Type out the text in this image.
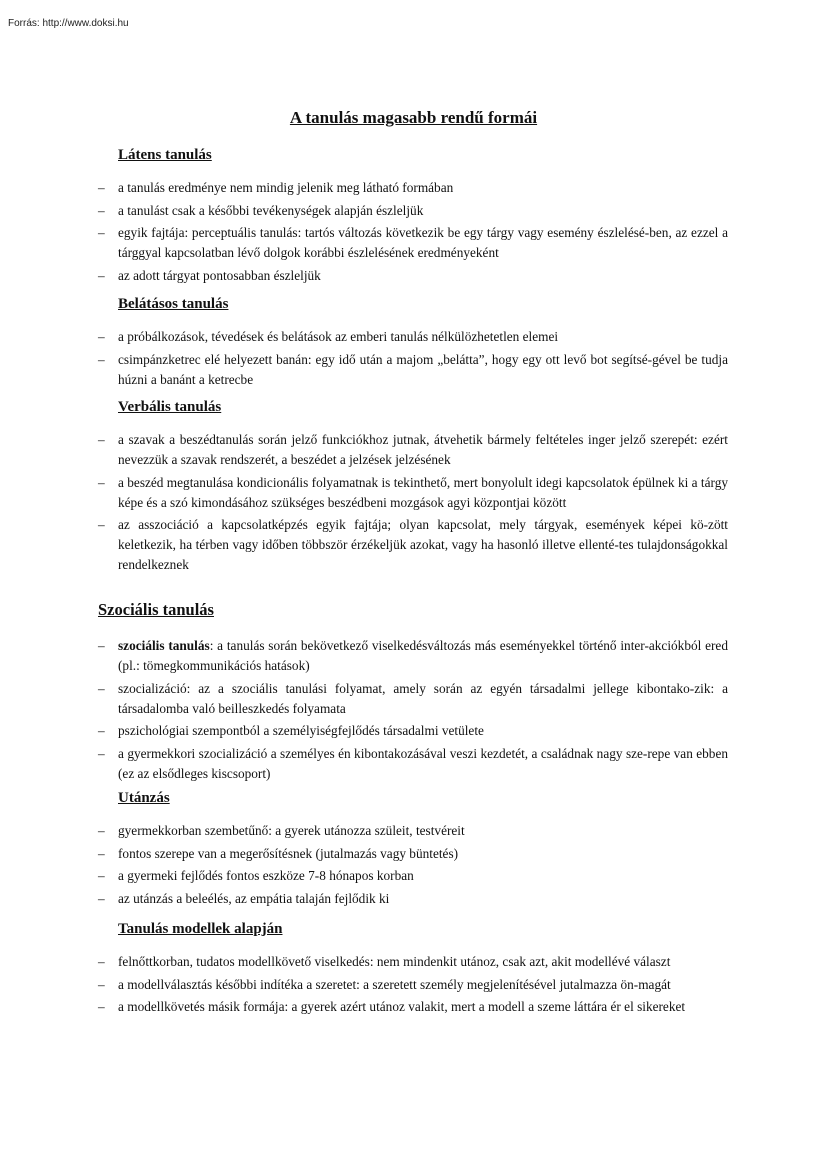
Forrás: http://www.doksi.hu
A tanulás magasabb rendű formái
Látens tanulás
– a tanulás eredménye nem mindig jelenik meg látható formában
– a tanulást csak a későbbi tevékenységek alapján észleljük
– egyik fajtája: perceptuális tanulás: tartós változás következik be egy tárgy vagy esemény észlelésé-ben, az ezzel a tárggyal kapcsolatban lévő dolgok korábbi észlelésének eredményeként
– az adott tárgyat pontosabban észleljük
Belátásos tanulás
– a próbálkozások, tévedések és belátások az emberi tanulás nélkülözhetetlen elemei
– csimpánzketrec elé helyezett banán: egy idő után a majom „belátta”, hogy egy ott levő bot segítsé-gével be tudja húzni a banánt a ketrecbe
Verbális tanulás
– a szavak a beszédtanulás során jelző funkciókhoz jutnak, átvehetik bármely feltételes inger jelző szerepét: ezért nevezzük a szavak rendszerét, a beszédet a jelzések jelzésének
– a beszéd megtanulása kondicionális folyamatnak is tekinthető, mert bonyolult idegi kapcsolatok épülnek ki a tárgy képe és a szó kimondásához szükséges beszédbeni mozgások agyi központjai között
– az asszociáció a kapcsolatképzés egyik fajtája; olyan kapcsolat, mely tárgyak, események képei kö-zött keletkezik, ha térben vagy időben többször érzékeljük azokat, vagy ha hasonló illetve ellenté-tes tulajdonságokkal rendelkeznek
Szociális tanulás
– szociális tanulás: a tanulás során bekövetkező viselkedésváltozás más eseményekkel történő inter-akciókból ered (pl.: tömegkommunikációs hatások)
– szocializáció: az a szociális tanulási folyamat, amely során az egyén társadalmi jellege kibontako-zik: a társadalomba való beilleszkedés folyamata
– pszichológiai szempontból a személyiségfejlődés társadalmi vetülete
– a gyermekkori szocializáció a személyes én kibontakozásával veszi kezdetét, a családnak nagy sze-repe van ebben (ez az elsődleges kiscsoport)
Utánzás
– gyermekkorban szembetűnő: a gyerek utánozza szüleit, testvéreit
– fontos szerepe van a megerősítésnek (jutalmazás vagy büntetés)
– a gyermeki fejlődés fontos eszköze 7-8 hónapos korban
– az utánzás a beleélés, az empátia talaján fejlődik ki
Tanulás modellek alapján
– felnőttkorban, tudatos modellkövető viselkedés: nem mindenkit utánoz, csak azt, akit modellévé választ
– a modellválasztás későbbi indítéka a szeretet: a szeretett személy megjelenítésével jutalmazza ön-magát
– a modellkövetés másik formája: a gyerek azért utánoz valakit, mert a modell a szeme láttára ér el sikereket
